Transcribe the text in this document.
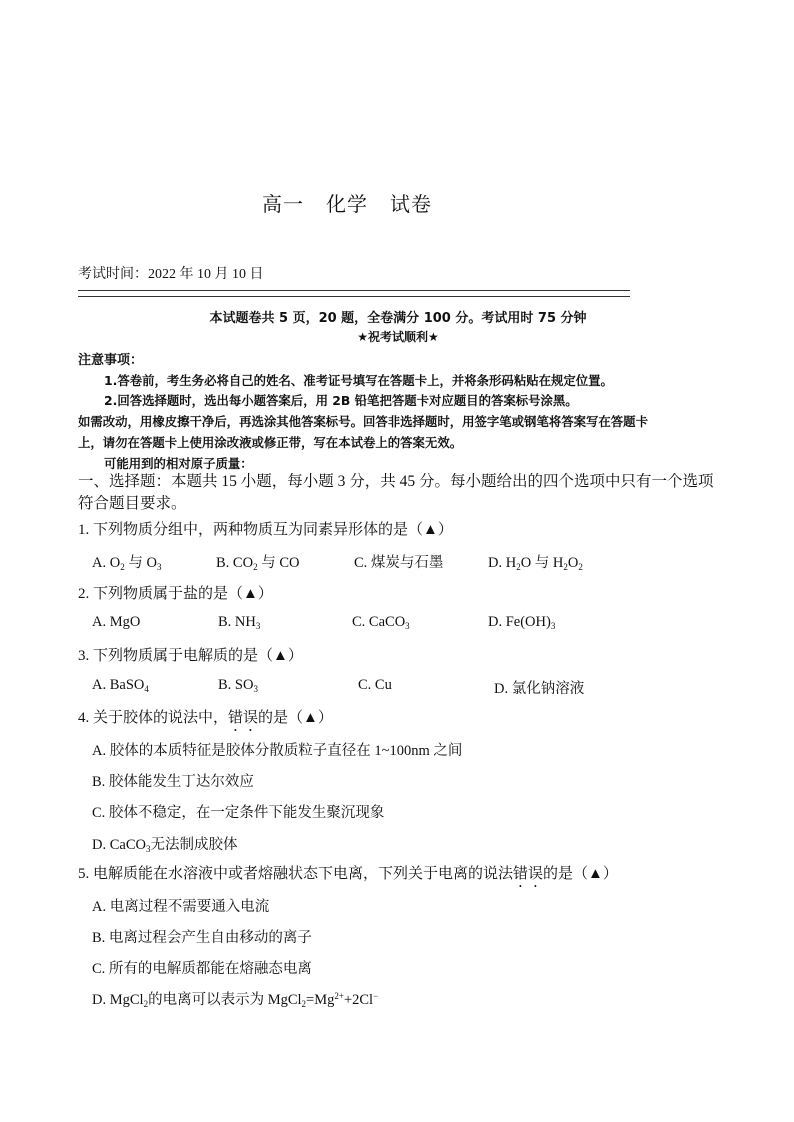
高一 化学 试卷
考试时间：2022 年 10 月 10 日
本试题卷共 5 页，20 题，全卷满分 100 分。考试用时 75 分钟
★祝考试顺利★
注意事项：
1.答卷前，考生务必将自己的姓名、准考证号填写在答题卡上，并将条形码粘贴在规定位置。
2.回答选择题时，选出每小题答案后，用 2B 铅笔把答题卡对应题目的答案标号涂黑。
如需改动，用橡皮擦干净后，再选涂其他答案标号。回答非选择题时，用签字笔或钢笔将答案写在答题卡
上，请勿在答题卡上使用涂改液或修正带，写在本试卷上的答案无效。
可能用到的相对原子质量：
一、选择题：本题共 15 小题，每小题 3 分，共 45 分。每小题给出的四个选项中只有一个选项符合题目要求。
1. 下列物质分组中，两种物质互为同素异形体的是（▲）
A. $O_2$ 与 $O_3$	B. $CO_2$ 与 CO	C. 煤炭与石墨	D. $H_2O$ 与 $H_2O_2$
2. 下列物质属于盐的是（▲）
A. MgO	B. $NH_3$	C. CaCO$_3$	D. $Fe(OH)_3$
3. 下列物质属于电解质的是（▲）
A. BaSO$_4$	B. $SO_3$	C. Cu	D. 氯化钠溶液
4. 关于胶体的说法中，错误的是（▲）
A. 胶体的本质特征是胶体分散质粒子直径在 1~100nm 之间
B. 胶体能发生丁达尔效应
C. 胶体不稳定，在一定条件下能发生聚沉现象
D. CaCO$_3$无法制成胶体
5. 电解质能在水溶液中或者熔融状态下电离，下列关于电离的说法错误的是（▲）
A. 电离过程不需要通入电流
B. 电离过程会产生自由移动的离子
C. 所有的电解质都能在熔融态电离
D. MgCl$_2$的电离可以表示为 $MgCl_2=Mg^{2+}+2Cl^-$
